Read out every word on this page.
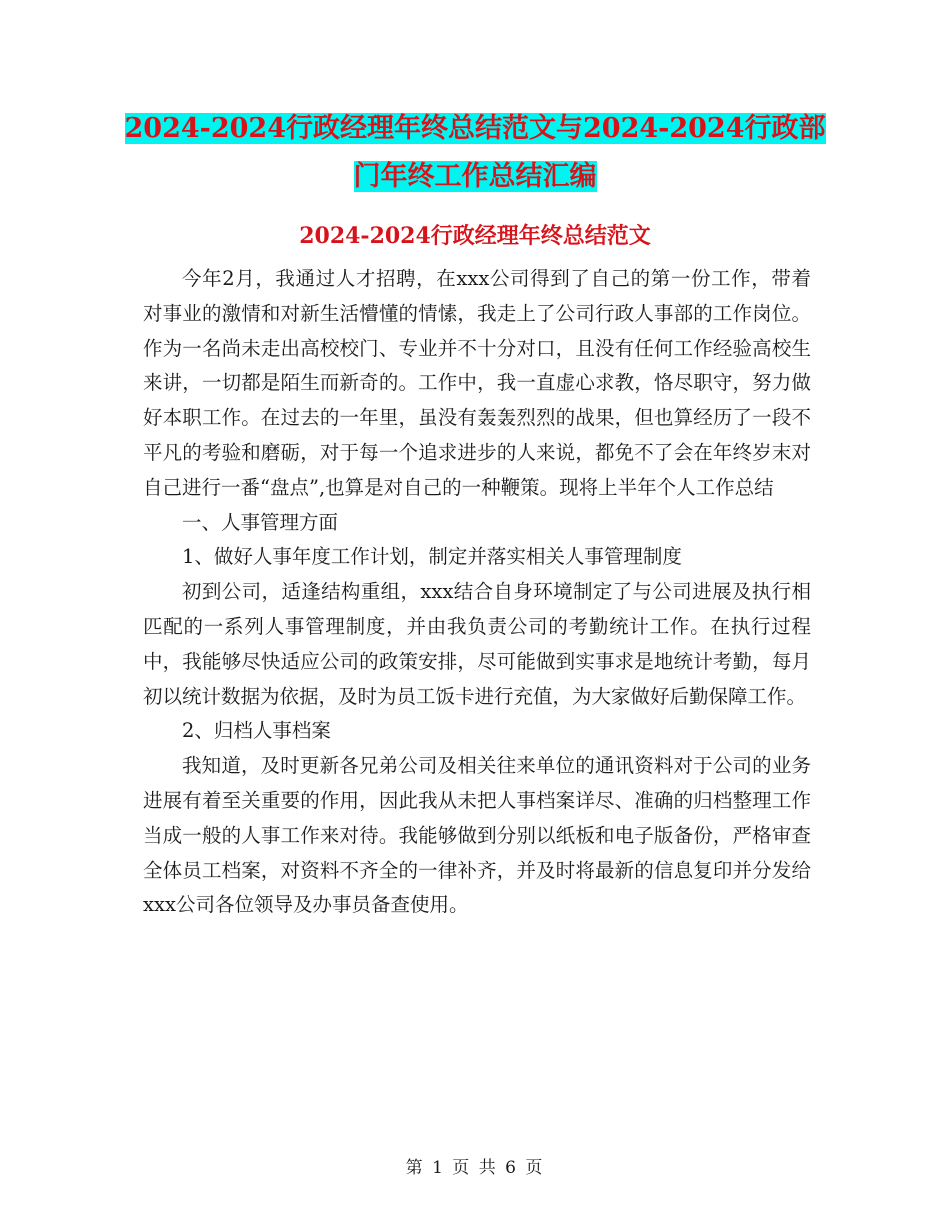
2024-2024行政经理年终总结范文与2024-2024行政部
门年终工作总结汇编
2024-2024行政经理年终总结范文

今年2月，我通过人才招聘，在xxx公司得到了自己的第一份工作，带着对事业的激情和对新生活懵懂的情愫，我走上了公司行政人事部的工作岗位。作为一名尚未走出高校校门、专业并不十分对口，且没有任何工作经验高校生来讲，一切都是陌生而新奇的。工作中，我一直虚心求教，恪尽职守，努力做好本职工作。在过去的一年里，虽没有轰轰烈烈的战果，但也算经历了一段不平凡的考验和磨砺，对于每一个追求进步的人来说，都免不了会在年终岁末对自己进行一番“盘点”,也算是对自己的一种鞭策。现将上半年个人工作总结

一、人事管理方面

1、做好人事年度工作计划，制定并落实相关人事管理制度

初到公司，适逢结构重组，xxx结合自身环境制定了与公司进展及执行相匹配的一系列人事管理制度，并由我负责公司的考勤统计工作。在执行过程中，我能够尽快适应公司的政策安排，尽可能做到实事求是地统计考勤，每月初以统计数据为依据，及时为员工饭卡进行充值，为大家做好后勤保障工作。

2、归档人事档案

我知道，及时更新各兄弟公司及相关往来单位的通讯资料对于公司的业务进展有着至关重要的作用，因此我从未把人事档案详尽、准确的归档整理工作当成一般的人事工作来对待。我能够做到分别以纸板和电子版备份，严格审查全体员工档案，对资料不齐全的一律补齐，并及时将最新的信息复印并分发给xxx公司各位领导及办事员备查使用。

第 1 页 共 6 页
